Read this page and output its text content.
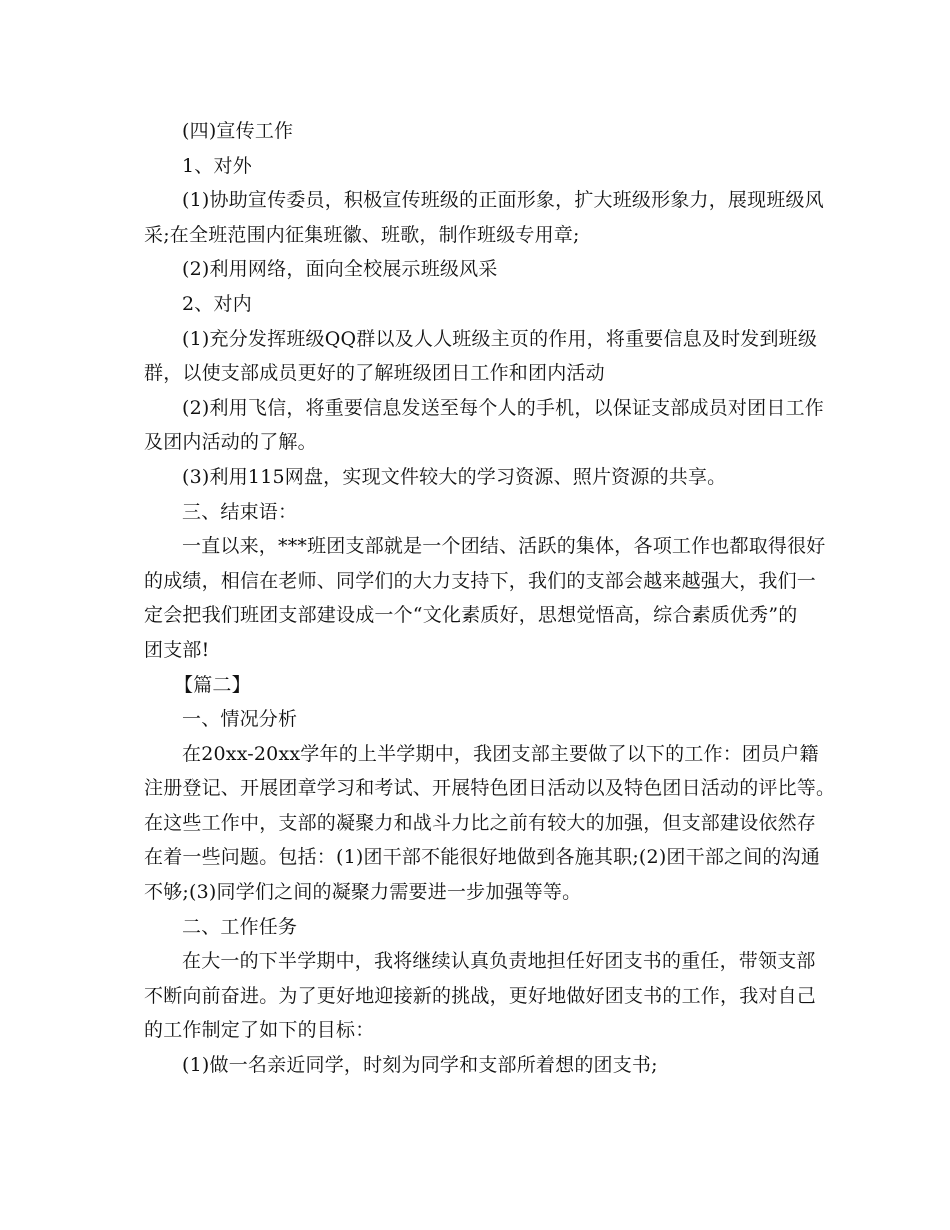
(四)宣传工作
1、对外
(1)协助宣传委员，积极宣传班级的正面形象，扩大班级形象力，展现班级风
采;在全班范围内征集班徽、班歌，制作班级专用章;
(2)利用网络，面向全校展示班级风采
2、对内
(1)充分发挥班级QQ群以及人人班级主页的作用，将重要信息及时发到班级
群，以使支部成员更好的了解班级团日工作和团内活动
(2)利用飞信，将重要信息发送至每个人的手机，以保证支部成员对团日工作
及团内活动的了解。
(3)利用115网盘，实现文件较大的学习资源、照片资源的共享。
三、结束语：
一直以来，***班团支部就是一个团结、活跃的集体，各项工作也都取得很好
的成绩，相信在老师、同学们的大力支持下，我们的支部会越来越强大，我们一
定会把我们班团支部建设成一个“文化素质好，思想觉悟高，综合素质优秀”的
团支部!
【篇二】
一、情况分析
在20xx-20xx学年的上半学期中，我团支部主要做了以下的工作：团员户籍
注册登记、开展团章学习和考试、开展特色团日活动以及特色团日活动的评比等。
在这些工作中，支部的凝聚力和战斗力比之前有较大的加强，但支部建设依然存
在着一些问题。包括：(1)团干部不能很好地做到各施其职;(2)团干部之间的沟通
不够;(3)同学们之间的凝聚力需要进一步加强等等。
二、工作任务
在大一的下半学期中，我将继续认真负责地担任好团支书的重任，带领支部
不断向前奋进。为了更好地迎接新的挑战，更好地做好团支书的工作，我对自己
的工作制定了如下的目标：
(1)做一名亲近同学，时刻为同学和支部所着想的团支书;
